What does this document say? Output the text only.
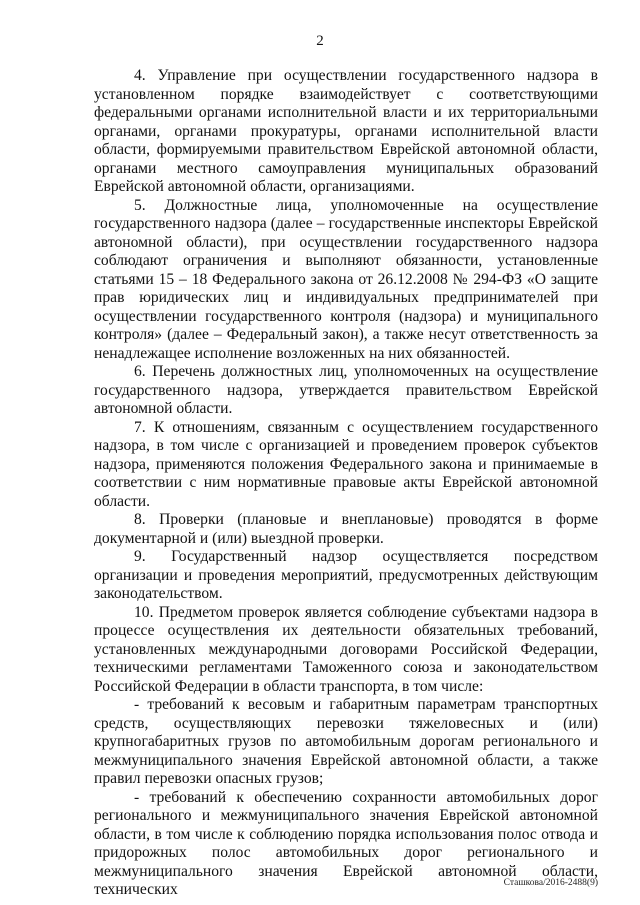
2

4. Управление при осуществлении государственного надзора в установленном порядке взаимодействует с соответствующими федеральными органами исполнительной власти и их территориальными органами, органами прокуратуры, органами исполнительной власти области, формируемыми правительством Еврейской автономной области, органами местного самоуправления муниципальных образований Еврейской автономной области, организациями.

5. Должностные лица, уполномоченные на осуществление государственного надзора (далее – государственные инспекторы Еврейской автономной области), при осуществлении государственного надзора соблюдают ограничения и выполняют обязанности, установленные статьями 15 – 18 Федерального закона от 26.12.2008 № 294-ФЗ «О защите прав юридических лиц и индивидуальных предпринимателей при осуществлении государственного контроля (надзора) и муниципального контроля» (далее – Федеральный закон), а также несут ответственность за ненадлежащее исполнение возложенных на них обязанностей.

6. Перечень должностных лиц, уполномоченных на осуществление государственного надзора, утверждается правительством Еврейской автономной области.

7. К отношениям, связанным с осуществлением государственного надзора, в том числе с организацией и проведением проверок субъектов надзора, применяются положения Федерального закона и принимаемые в соответствии с ним нормативные правовые акты Еврейской автономной области.

8. Проверки (плановые и внеплановые) проводятся в форме документарной и (или) выездной проверки.

9. Государственный надзор осуществляется посредством организации и проведения мероприятий, предусмотренных действующим законодательством.

10. Предметом проверок является соблюдение субъектами надзора в процессе осуществления их деятельности обязательных требований, установленных международными договорами Российской Федерации, техническими регламентами Таможенного союза и законодательством Российской Федерации в области транспорта, в том числе:

- требований к весовым и габаритным параметрам транспортных средств, осуществляющих перевозки тяжеловесных и (или) крупногабаритных грузов по автомобильным дорогам регионального и межмуниципального значения Еврейской автономной области, а также правил перевозки опасных грузов;

- требований к обеспечению сохранности автомобильных дорог регионального и межмуниципального значения Еврейской автономной области, в том числе к соблюдению порядка использования полос отвода и придорожных полос автомобильных дорог регионального и межмуниципального значения Еврейской автономной области, технических	Сташкова/2016-2488(9)
